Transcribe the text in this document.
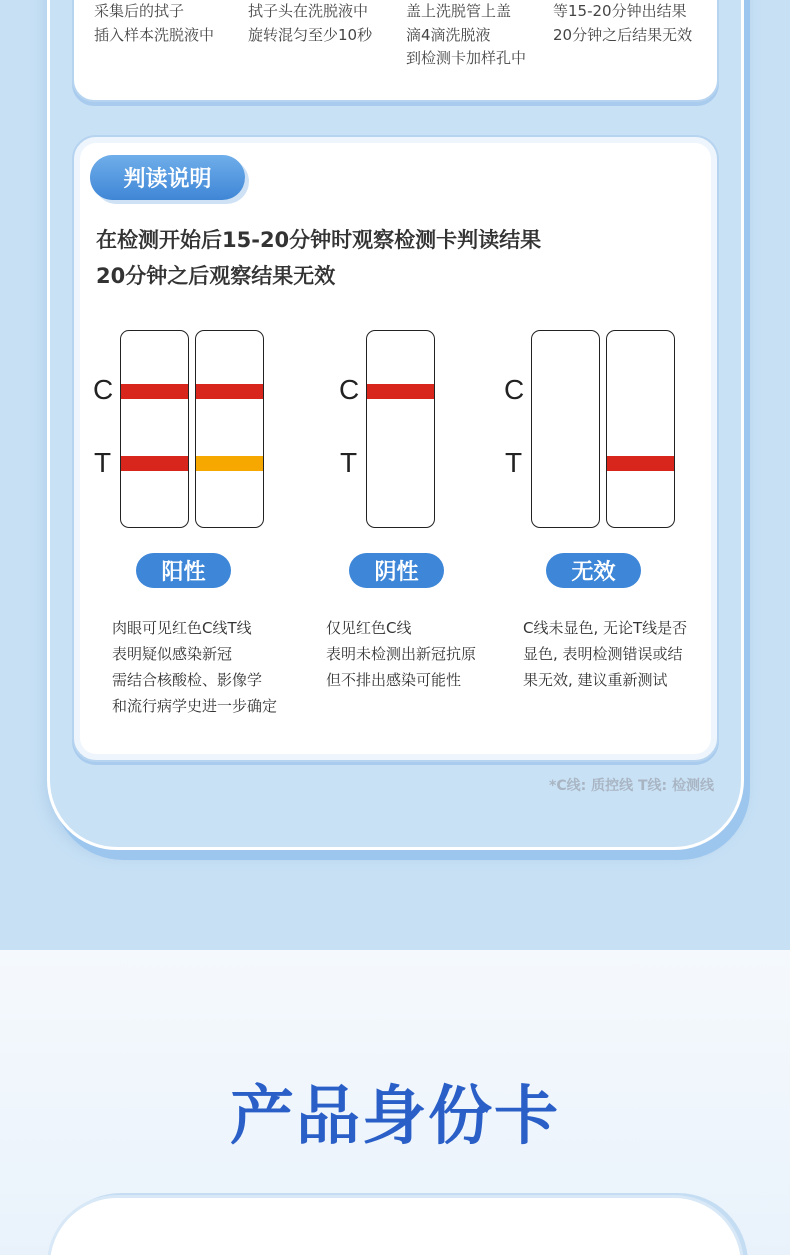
采集后的拭子
插入样本洗脱液中
拭子头在洗脱液中
旋转混匀至少10秒
盖上洗脱管上盖
滴4滴洗脱液
到检测卡加样孔中
等15-20分钟出结果
20分钟之后结果无效
判读说明
在检测开始后15-20分钟时观察检测卡判读结果
20分钟之后观察结果无效
C
T
C
T
C
T
阳性	阴性	无效
肉眼可见红色C线T线
表明疑似感染新冠
需结合核酸检、影像学
和流行病学史进一步确定
仅见红色C线
表明未检测出新冠抗原
但不排出感染可能性
C线未显色, 无论T线是否
显色, 表明检测错误或结
果无效, 建议重新测试
*C线: 质控线 T线: 检测线
产品身份卡
